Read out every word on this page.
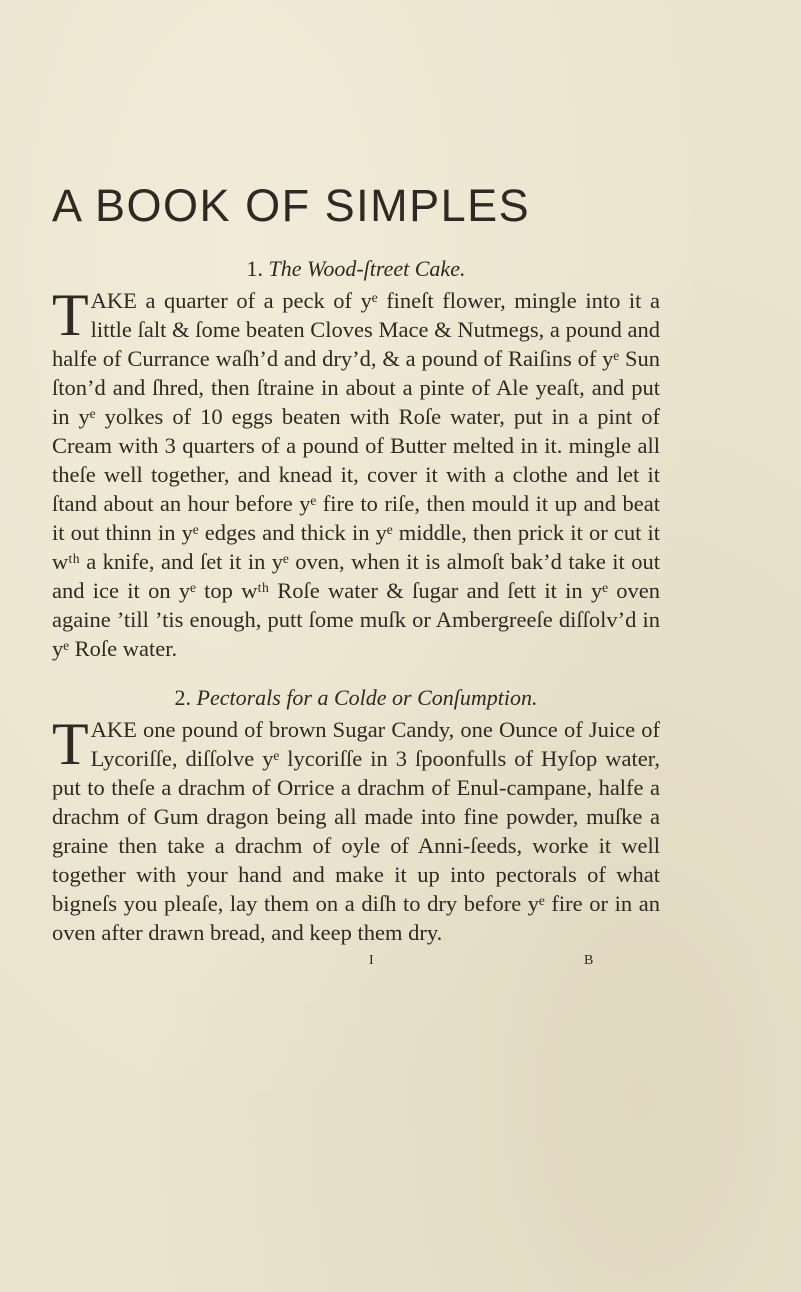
A BOOK OF SIMPLES

1. The Wood-ſtreet Cake.

TAKE a quarter of a peck of yᵉ fineſt flower, mingle into it a little ſalt & ſome beaten Cloves Mace & Nutmegs, a pound and halfe of Currance waſh’d and dry’d, & a pound of Raiſins of yᵉ Sun ſton’d and ſhred, then ſtraine in about a pinte of Ale yeaſt, and put in yᵉ yolkes of 10 eggs beaten with Roſe water, put in a pint of Cream with 3 quarters of a pound of Butter melted in it. mingle all theſe well together, and knead it, cover it with a clothe and let it ſtand about an hour before yᵉ fire to riſe, then mould it up and beat it out thinn in yᵉ edges and thick in yᵉ middle, then prick it or cut it wᵗʰ a knife, and ſet it in yᵉ oven, when it is almoſt bak’d take it out and ice it on yᵉ top wᵗʰ Roſe water & ſugar and ſett it in yᵉ oven againe ’till ’tis enough, putt ſome muſk or Ambergreeſe diſſolv’d in yᵉ Roſe water.

2. Pectorals for a Colde or Conſumption.

TAKE one pound of brown Sugar Candy, one Ounce of Juice of Lycoriſſe, diſſolve yᵉ lycoriſſe in 3 ſpoonfulls of Hyſop water, put to theſe a drachm of Orrice a drachm of Enul-campane, halfe a drachm of Gum dragon being all made into fine powder, muſke a graine then take a drachm of oyle of Anni-ſeeds, worke it well together with your hand and make it up into pectorals of what bigneſs you pleaſe, lay them on a diſh to dry before yᵉ fire or in an oven after drawn bread, and keep them dry.

I	B
